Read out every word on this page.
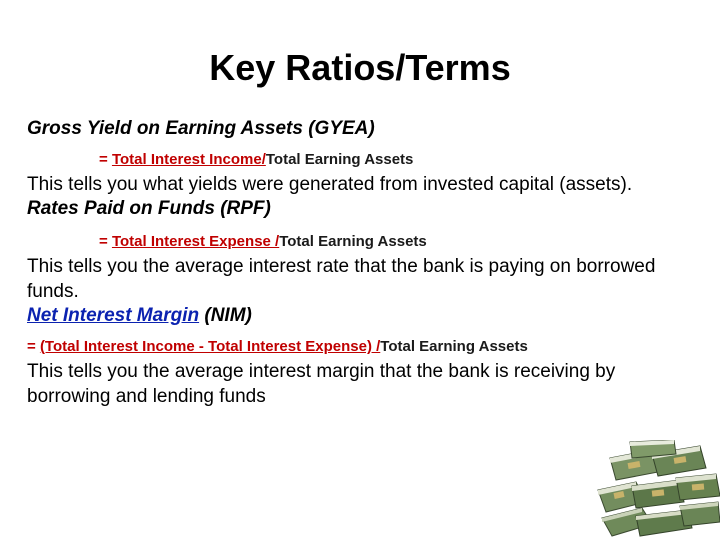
Key Ratios/Terms

Gross Yield on Earning Assets (GYEA)

= Total Interest Income/Total Earning Assets

This tells you what yields were generated from invested capital (assets).

Rates Paid on Funds (RPF)

= Total Interest Expense /Total Earning Assets

This tells you the average interest rate that the bank is paying on borrowed funds.

Net Interest Margin (NIM)

= (Total Interest Income - Total Interest Expense) /Total Earning Assets

This tells you the average interest margin that the bank is receiving by borrowing and lending funds
